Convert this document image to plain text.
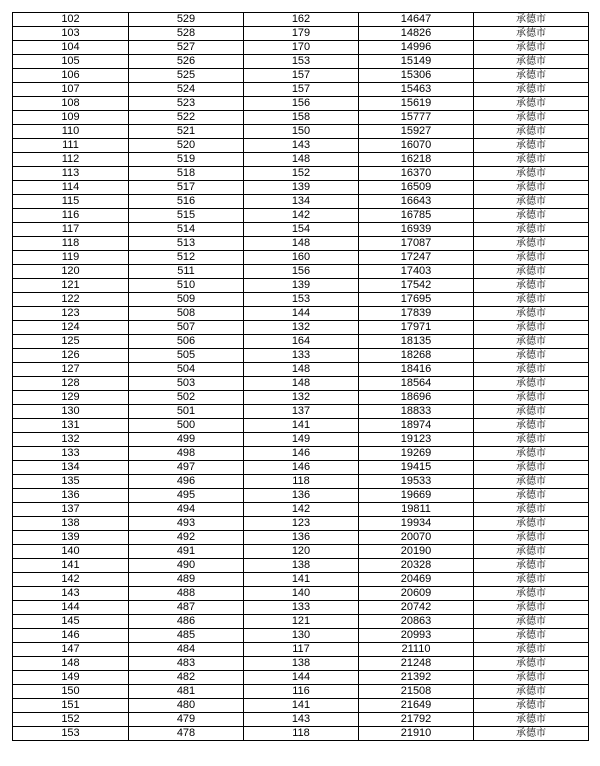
102	529	162	14647	承德市
103	528	179	14826	承德市
104	527	170	14996	承德市
105	526	153	15149	承德市
106	525	157	15306	承德市
107	524	157	15463	承德市
108	523	156	15619	承德市
109	522	158	15777	承德市
110	521	150	15927	承德市
111	520	143	16070	承德市
112	519	148	16218	承德市
113	518	152	16370	承德市
114	517	139	16509	承德市
115	516	134	16643	承德市
116	515	142	16785	承德市
117	514	154	16939	承德市
118	513	148	17087	承德市
119	512	160	17247	承德市
120	511	156	17403	承德市
121	510	139	17542	承德市
122	509	153	17695	承德市
123	508	144	17839	承德市
124	507	132	17971	承德市
125	506	164	18135	承德市
126	505	133	18268	承德市
127	504	148	18416	承德市
128	503	148	18564	承德市
129	502	132	18696	承德市
130	501	137	18833	承德市
131	500	141	18974	承德市
132	499	149	19123	承德市
133	498	146	19269	承德市
134	497	146	19415	承德市
135	496	118	19533	承德市
136	495	136	19669	承德市
137	494	142	19811	承德市
138	493	123	19934	承德市
139	492	136	20070	承德市
140	491	120	20190	承德市
141	490	138	20328	承德市
142	489	141	20469	承德市
143	488	140	20609	承德市
144	487	133	20742	承德市
145	486	121	20863	承德市
146	485	130	20993	承德市
147	484	117	21110	承德市
148	483	138	21248	承德市
149	482	144	21392	承德市
150	481	116	21508	承德市
151	480	141	21649	承德市
152	479	143	21792	承德市
153	478	118	21910	承德市
